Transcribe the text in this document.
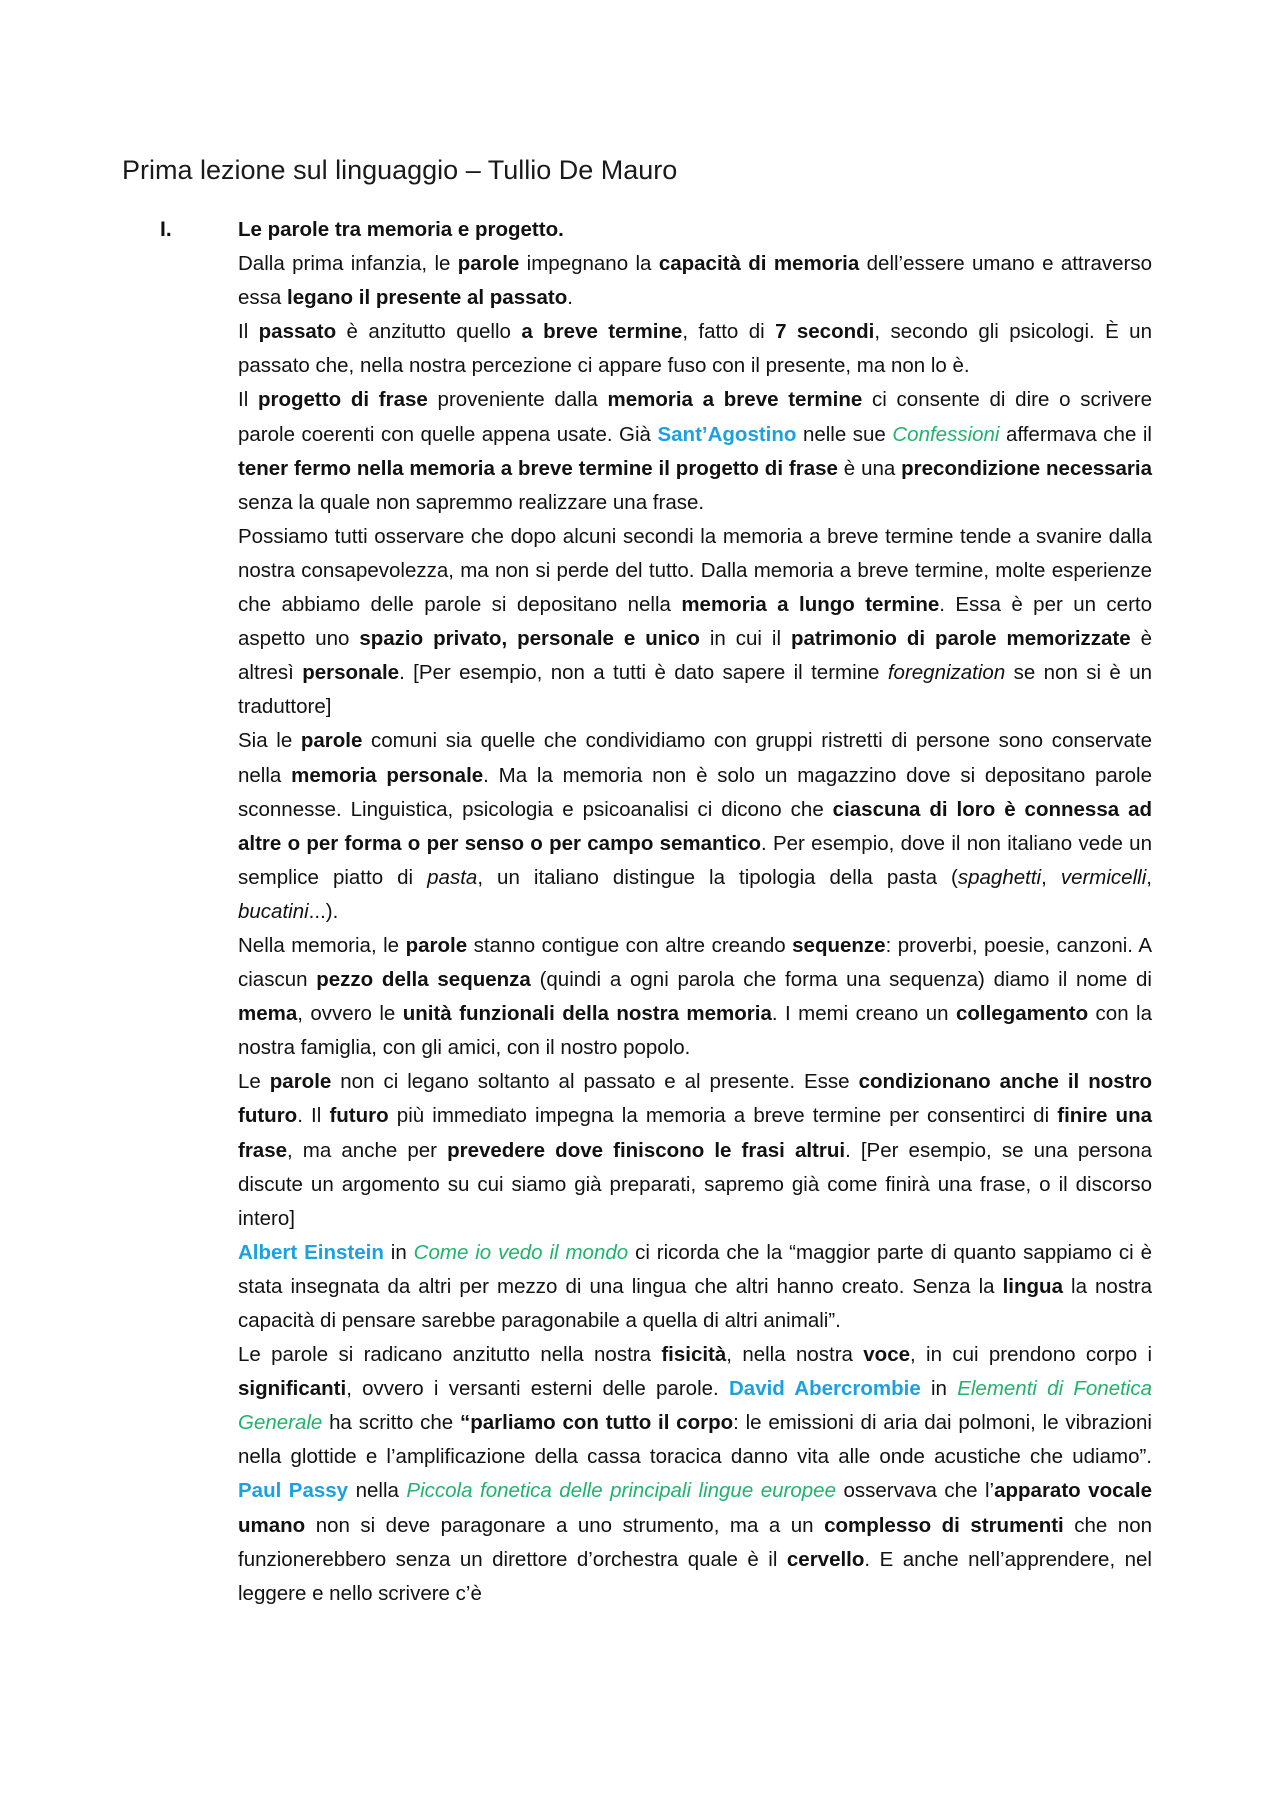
Prima lezione sul linguaggio – Tullio De Mauro
I.	Le parole tra memoria e progetto.

Dalla prima infanzia, le parole impegnano la capacità di memoria dell’essere umano e attraverso essa legano il presente al passato.

Il passato è anzitutto quello a breve termine, fatto di 7 secondi, secondo gli psicologi. È un passato che, nella nostra percezione ci appare fuso con il presente, ma non lo è.

Il progetto di frase proveniente dalla memoria a breve termine ci consente di dire o scrivere parole coerenti con quelle appena usate. Già Sant’Agostino nelle sue Confessioni affermava che il tener fermo nella memoria a breve termine il progetto di frase è una precondizione necessaria senza la quale non sapremmo realizzare una frase.

Possiamo tutti osservare che dopo alcuni secondi la memoria a breve termine tende a svanire dalla nostra consapevolezza, ma non si perde del tutto. Dalla memoria a breve termine, molte esperienze che abbiamo delle parole si depositano nella memoria a lungo termine. Essa è per un certo aspetto uno spazio privato, personale e unico in cui il patrimonio di parole memorizzate è altresì personale. [Per esempio, non a tutti è dato sapere il termine foregnization se non si è un traduttore]

Sia le parole comuni sia quelle che condividiamo con gruppi ristretti di persone sono conservate nella memoria personale. Ma la memoria non è solo un magazzino dove si depositano parole sconnesse. Linguistica, psicologia e psicoanalisi ci dicono che ciascuna di loro è connessa ad altre o per forma o per senso o per campo semantico. Per esempio, dove il non italiano vede un semplice piatto di pasta, un italiano distingue la tipologia della pasta (spaghetti, vermicelli, bucatini...).

Nella memoria, le parole stanno contigue con altre creando sequenze: proverbi, poesie, canzoni. A ciascun pezzo della sequenza (quindi a ogni parola che forma una sequenza) diamo il nome di mema, ovvero le unità funzionali della nostra memoria. I memi creano un collegamento con la nostra famiglia, con gli amici, con il nostro popolo.

Le parole non ci legano soltanto al passato e al presente. Esse condizionano anche il nostro futuro. Il futuro più immediato impegna la memoria a breve termine per consentirci di finire una frase, ma anche per prevedere dove finiscono le frasi altrui. [Per esempio, se una persona discute un argomento su cui siamo già preparati, sapremo già come finirà una frase, o il discorso intero]

Albert Einstein in Come io vedo il mondo ci ricorda che la “maggior parte di quanto sappiamo ci è stata insegnata da altri per mezzo di una lingua che altri hanno creato. Senza la lingua la nostra capacità di pensare sarebbe paragonabile a quella di altri animali”.

Le parole si radicano anzitutto nella nostra fisicità, nella nostra voce, in cui prendono corpo i significanti, ovvero i versanti esterni delle parole. David Abercrombie in Elementi di Fonetica Generale ha scritto che “parliamo con tutto il corpo: le emissioni di aria dai polmoni, le vibrazioni nella glottide e l’amplificazione della cassa toracica danno vita alle onde acustiche che udiamo”. Paul Passy nella Piccola fonetica delle principali lingue europee osservava che l’apparato vocale umano non si deve paragonare a uno strumento, ma a un complesso di strumenti che non funzionerebbero senza un direttore d’orchestra quale è il cervello. E anche nell’apprendere, nel leggere e nello scrivere c’è
